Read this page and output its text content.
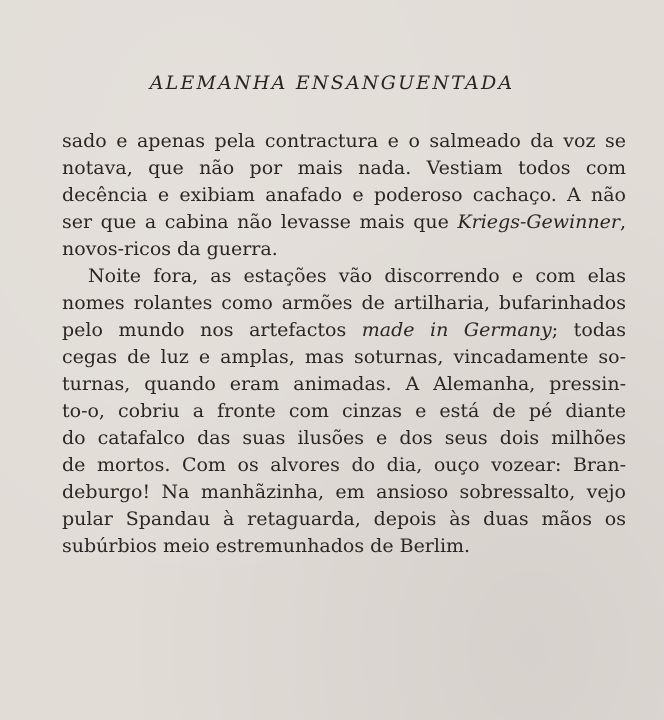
ALEMANHA ENSANGUENTADA
sado e apenas pela contractura e o salmeado da voz se
notava, que não por mais nada. Vestiam todos com
decência e exibiam anafado e poderoso cachaço. A não
ser que a cabina não levasse mais que Kriegs-Gewinner,
novos-ricos da guerra.
Noite fora, as estações vão discorrendo e com elas
nomes rolantes como armões de artilharia, bufarinhados
pelo mundo nos artefactos made in Germany; todas
cegas de luz e amplas, mas soturnas, vincadamente so-
turnas, quando eram animadas. A Alemanha, pressin-
to-o, cobriu a fronte com cinzas e está de pé diante
do catafalco das suas ilusões e dos seus dois milhões
de mortos. Com os alvores do dia, ouço vozear: Bran-
deburgo! Na manhãzinha, em ansioso sobressalto, vejo
pular Spandau à retaguarda, depois às duas mãos os
subúrbios meio estremunhados de Berlim.
